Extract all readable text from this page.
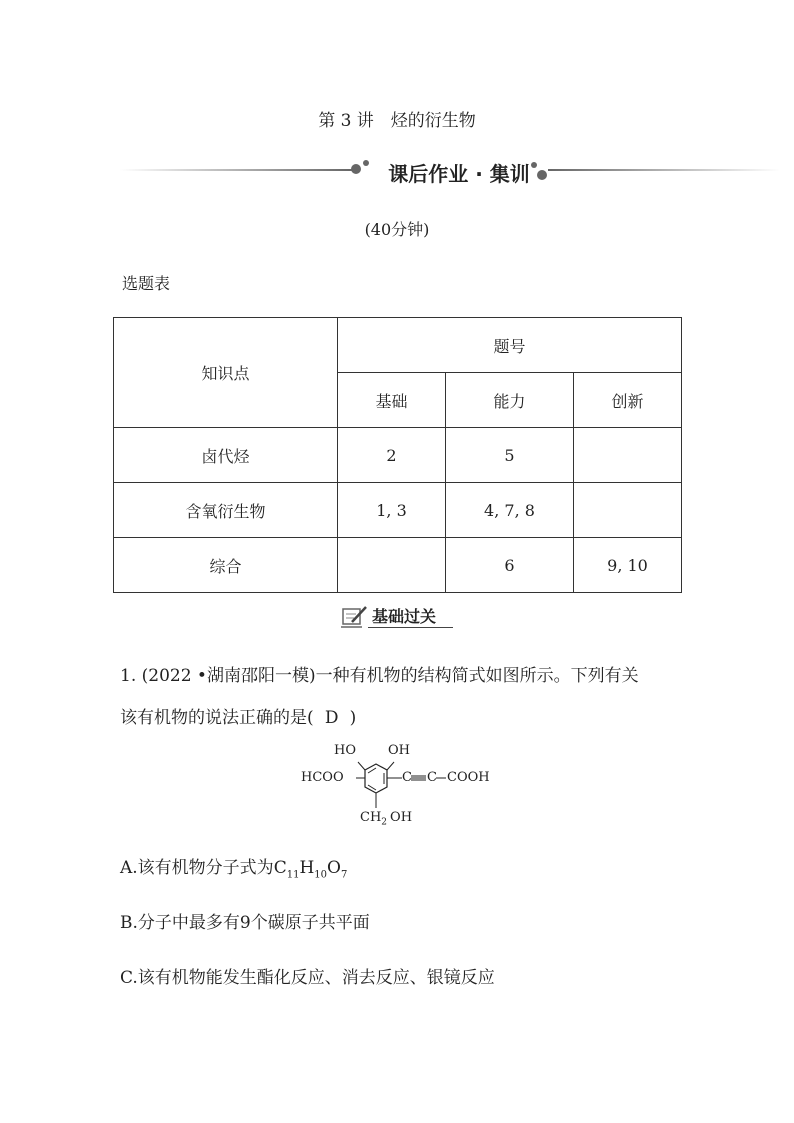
第 3 讲　烃的衍生物
课后作业 · 集训
(40分钟)
选题表
知识点	题号		
	基础	能力	创新
卤代烃	2	5	
含氧衍生物	1, 3	4, 7, 8	
综合		6	9, 10
基础过关
1. (2022 •湖南邵阳一模)一种有机物的结构简式如图所示。下列有关
该有机物的说法正确的是( D )
HO OH
HCOO	C C COOH
$CH_2$ OH
A.该有机物分子式为$C_{11}H_{10}O_7$
B.分子中最多有9个碳原子共平面
C.该有机物能发生酯化反应、消去反应、银镜反应
